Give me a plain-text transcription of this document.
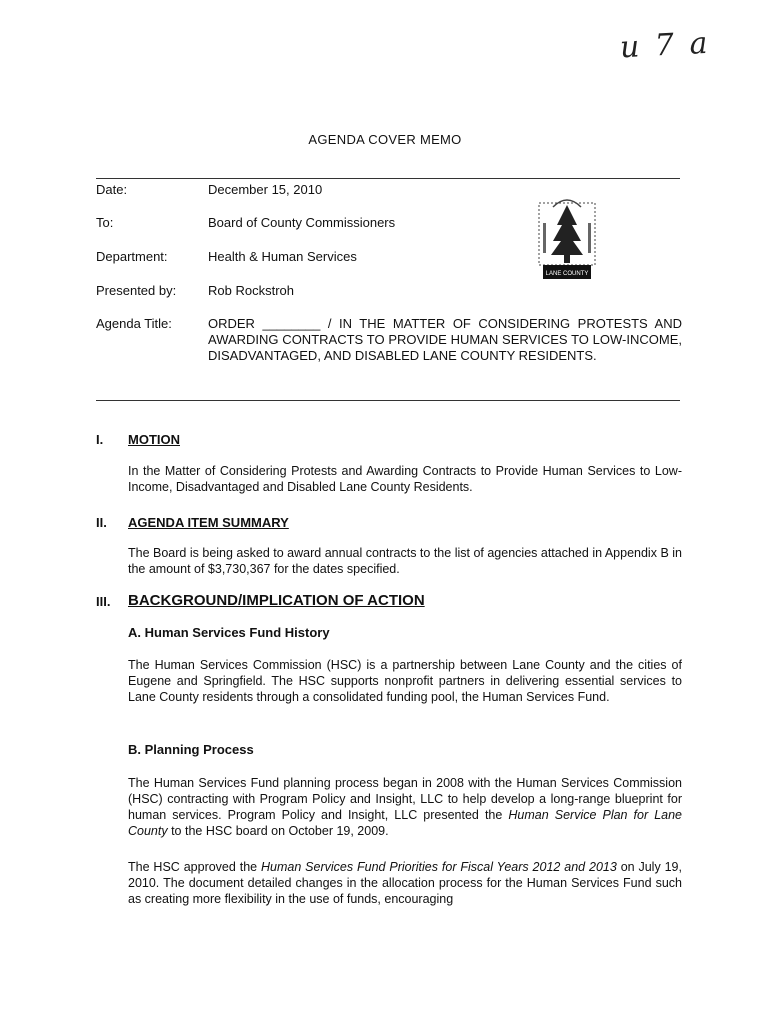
u 7 a
AGENDA COVER MEMO
Date:	December 15, 2010
To:	Board of County Commissioners
Department:	Health & Human Services
Presented by:	Rob Rockstroh
Agenda Title:	ORDER ________ / IN THE MATTER OF CONSIDERING PROTESTS AND AWARDING CONTRACTS TO PROVIDE HUMAN SERVICES TO LOW-INCOME, DISADVANTAGED, AND DISABLED LANE COUNTY RESIDENTS.
LANE COUNTY
I. MOTION
In the Matter of Considering Protests and Awarding Contracts to Provide Human Services to Low-Income, Disadvantaged and Disabled Lane County Residents.
II. AGENDA ITEM SUMMARY
The Board is being asked to award annual contracts to the list of agencies attached in Appendix B in the amount of $3,730,367 for the dates specified.
III. BACKGROUND/IMPLICATION OF ACTION
A. Human Services Fund History
The Human Services Commission (HSC) is a partnership between Lane County and the cities of Eugene and Springfield. The HSC supports nonprofit partners in delivering essential services to Lane County residents through a consolidated funding pool, the Human Services Fund.
B. Planning Process
The Human Services Fund planning process began in 2008 with the Human Services Commission (HSC) contracting with Program Policy and Insight, LLC to help develop a long-range blueprint for human services. Program Policy and Insight, LLC presented the Human Service Plan for Lane County to the HSC board on October 19, 2009.
The HSC approved the Human Services Fund Priorities for Fiscal Years 2012 and 2013 on July 19, 2010. The document detailed changes in the allocation process for the Human Services Fund such as creating more flexibility in the use of funds, encouraging
